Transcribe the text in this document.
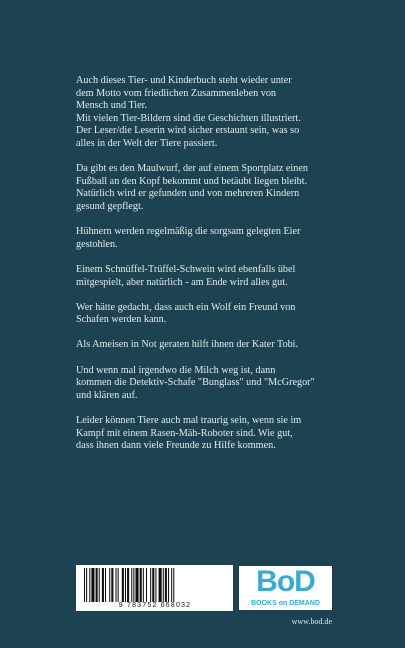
Auch dieses Tier- und Kinderbuch steht wieder unter
dem Motto vom friedlichen Zusammenleben von
Mensch und Tier.
Mit vielen Tier-Bildern sind die Geschichten illustriert.
Der Leser/die Leserin wird sicher erstaunt sein, was so
alles in der Welt der Tiere passiert.

Da gibt es den Maulwurf, der auf einem Sportplatz einen
Fußball an den Kopf bekommt und betäubt liegen bleibt.
Natürlich wird er gefunden und von mehreren Kindern
gesund gepflegt.

Hühnern werden regelmäßig die sorgsam gelegten Eier
gestohlen.

Einem Schnüffel-Trüffel-Schwein wird ebenfalls übel
mitgespielt, aber natürlich - am Ende wird alles gut.

Wer hätte gedacht, dass auch ein Wolf ein Freund von
Schafen werden kann.

Als Ameisen in Not geraten hilft ihnen der Kater Tobi.

Und wenn mal irgendwo die Milch weg ist, dann
kommen die Detektiv-Schafe "Bunglass" und "McGregor"
und klären auf.

Leider können Tiere auch mal traurig sein, wenn sie im
Kampf mit einem Rasen-Mäh-Roboter sind. Wie gut,
dass ihnen dann viele Freunde zu Hilfe kommen.

9 783752 668032
BoD
BOOKS on DEMAND
www.bod.de
